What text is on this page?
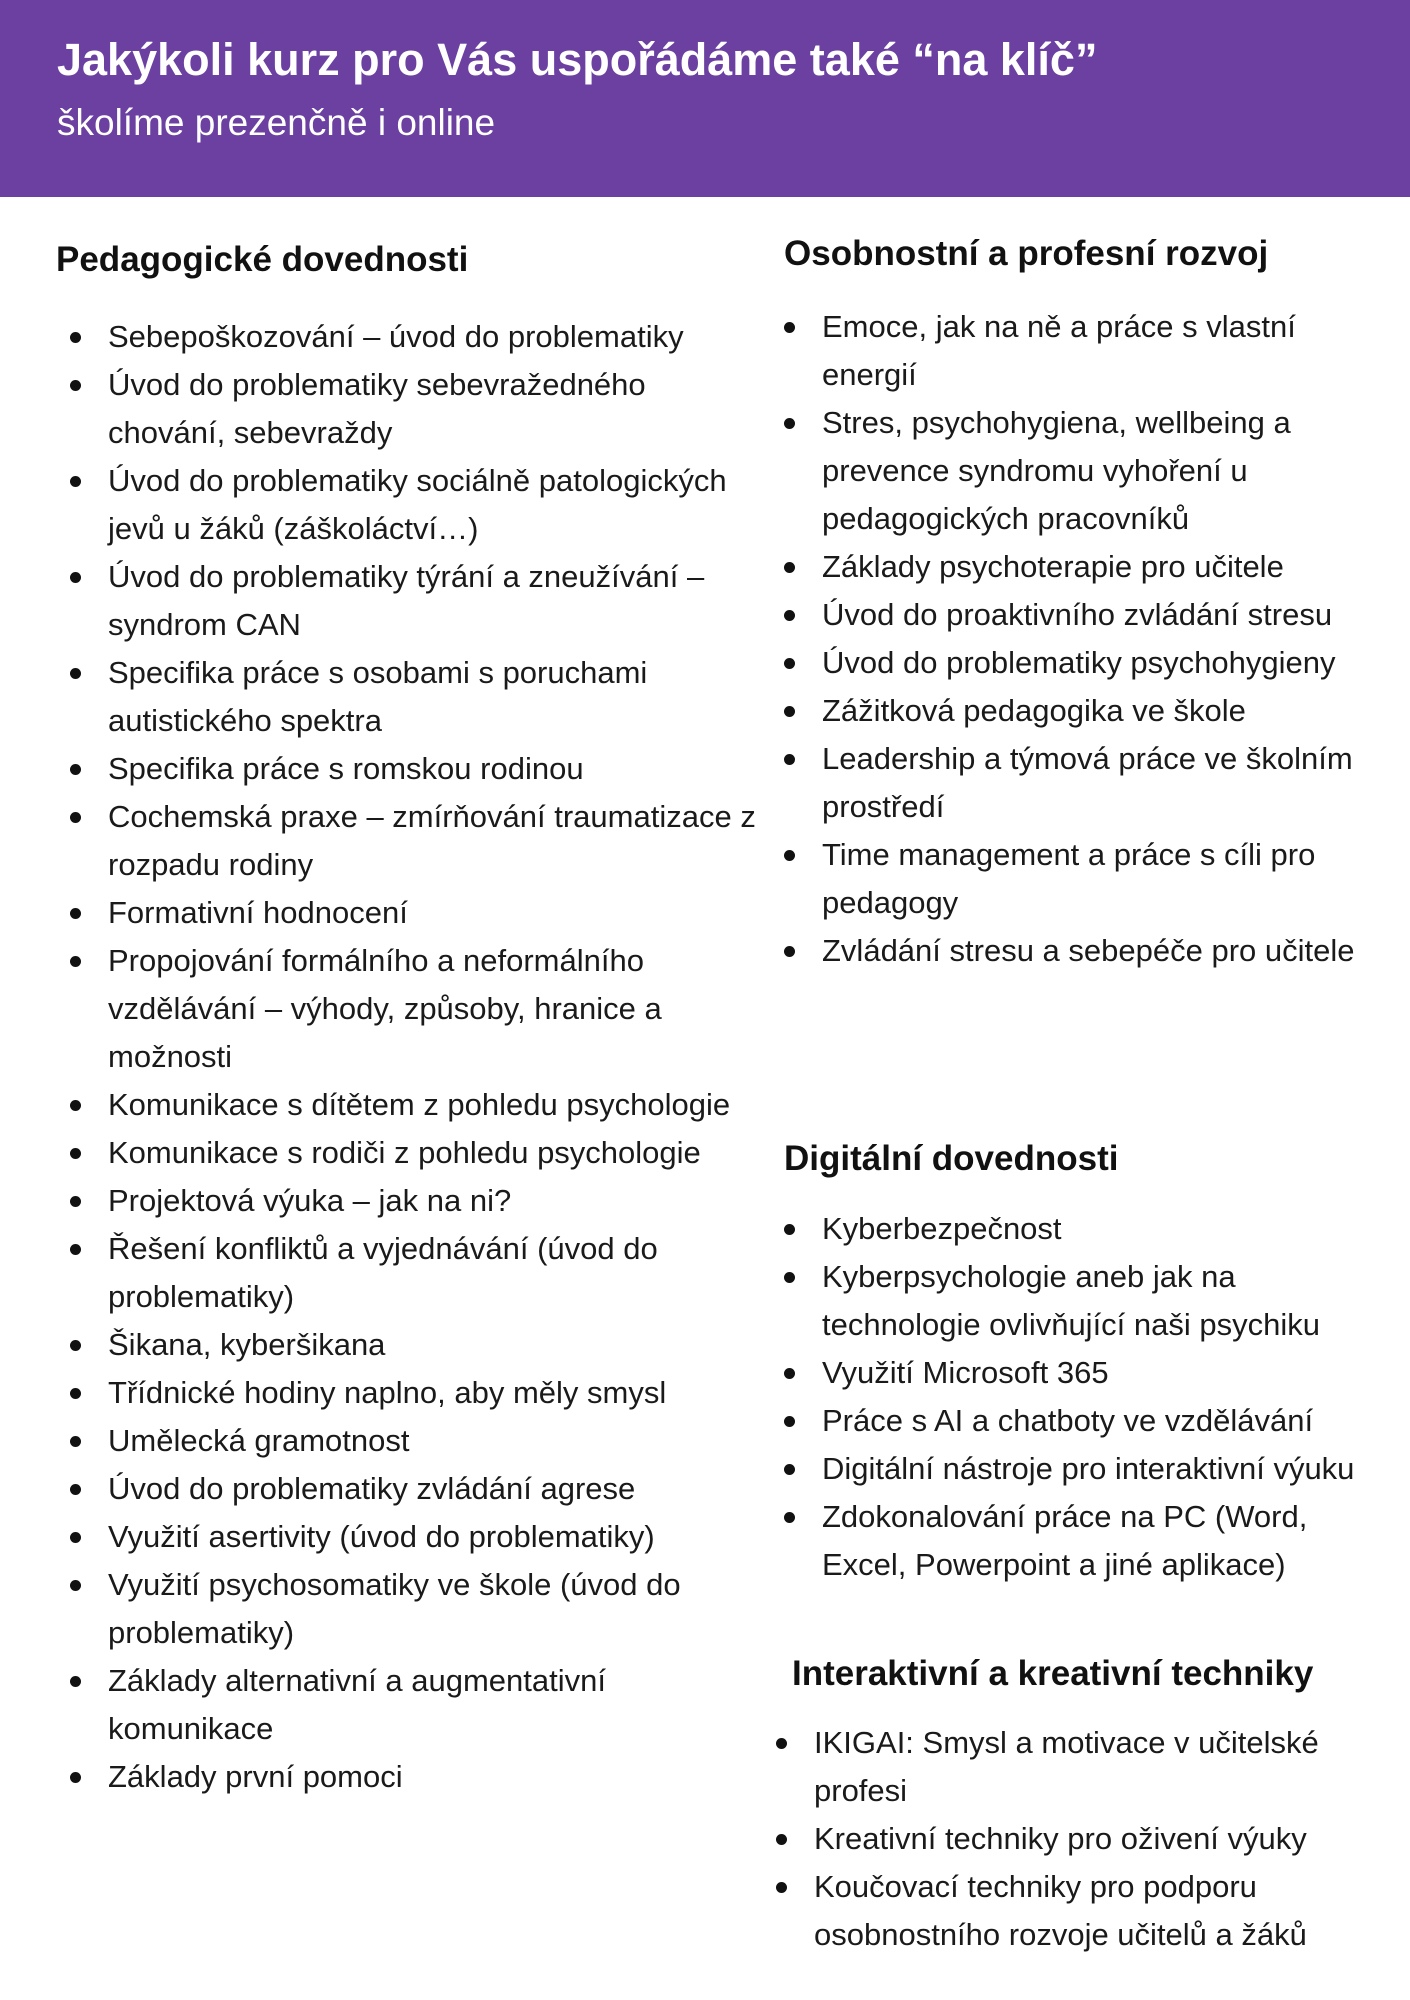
Jakýkoli kurz pro Vás uspořádáme také “na klíč”
školíme prezenčně i online
Pedagogické dovednosti
Sebepoškozování – úvod do problematiky
Úvod do problematiky sebevražedného chování, sebevraždy
Úvod do problematiky sociálně patologických jevů u žáků (záškoláctví…)
Úvod do problematiky týrání a zneužívání – syndrom CAN
Specifika práce s osobami s poruchami autistického spektra
Specifika práce s romskou rodinou
Cochemská praxe – zmírňování traumatizace z rozpadu rodiny
Formativní hodnocení
Propojování formálního a neformálního vzdělávání – výhody, způsoby, hranice a možnosti
Komunikace s dítětem z pohledu psychologie
Komunikace s rodiči z pohledu psychologie
Projektová výuka – jak na ni?
Řešení konfliktů a vyjednávání (úvod do problematiky)
Šikana, kyberšikana
Třídnické hodiny naplno, aby měly smysl
Umělecká gramotnost
Úvod do problematiky zvládání agrese
Využití asertivity (úvod do problematiky)
Využití psychosomatiky ve škole (úvod do problematiky)
Základy alternativní a augmentativní komunikace
Základy první pomoci
Osobnostní a profesní rozvoj
Emoce, jak na ně a práce s vlastní energií
Stres, psychohygiena, wellbeing a prevence syndromu vyhoření u pedagogických pracovníků
Základy psychoterapie pro učitele
Úvod do proaktivního zvládání stresu
Úvod do problematiky psychohygieny
Zážitková pedagogika ve škole
Leadership a týmová práce ve školním prostředí
Time management a práce s cíli pro pedagogy
Zvládání stresu a sebepéče pro učitele
Digitální dovednosti
Kyberbezpečnost
Kyberpsychologie aneb jak na technologie ovlivňující naši psychiku
Využití Microsoft 365
Práce s AI a chatboty ve vzdělávání
Digitální nástroje pro interaktivní výuku
Zdokonalování práce na PC (Word, Excel, Powerpoint a jiné aplikace)
Interaktivní a kreativní techniky
IKIGAI: Smysl a motivace v učitelské profesi
Kreativní techniky pro oživení výuky
Koučovací techniky pro podporu osobnostního rozvoje učitelů a žáků
